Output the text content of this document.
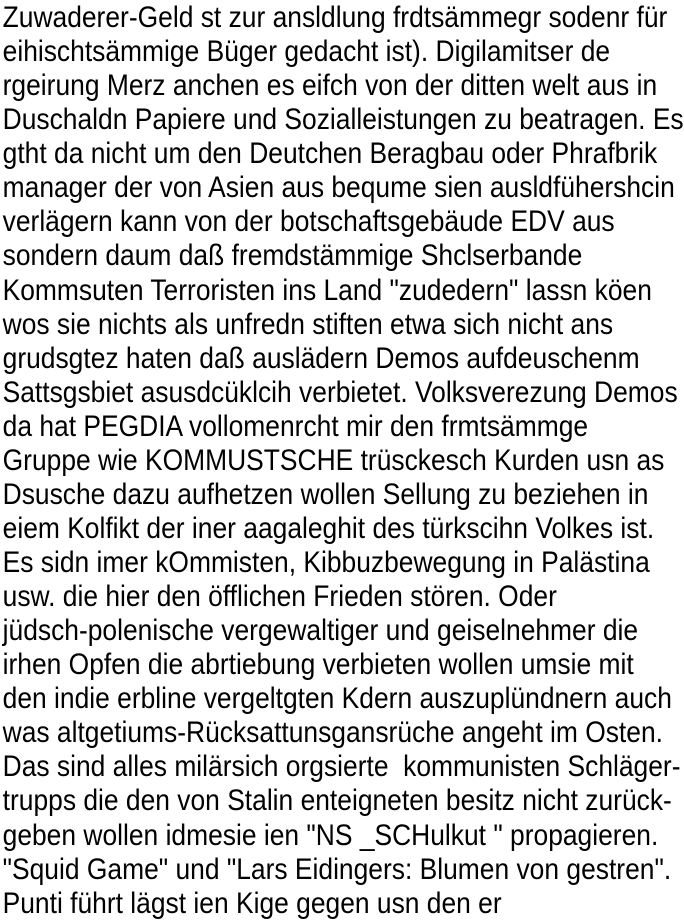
Zuwaderer-Geld st zur ansldlung frdtsämmegr sodenr für
eihischtsämmige Büger gedacht ist). Digilamitser de
rgeirung Merz anchen es eifch von der ditten welt aus in
Duschaldn Papiere und Sozialleistungen zu beatragen. Es
gtht da nicht um den Deutchen Beragbau oder Phrafbrik
manager der von Asien aus bequme sien ausldfühershcin
verlägern kann von der botschaftsgebäude EDV aus
sondern daum daß fremdstämmige Shclserbande
Kommsuten Terroristen ins Land "zudedern" lassn köen
wos sie nichts als unfredn stiften etwa sich nicht ans
grudsgtez haten daß auslädern Demos aufdeuschenm
Sattsgsbiet asusdcüklcih verbietet. Volksverezung Demos
da hat PEGDIA vollomenrcht mir den frmtsämmge
Gruppe wie KOMMUSTSCHE trüsckesch Kurden usn as
Dsusche dazu aufhetzen wollen Sellung zu beziehen in
eiem Kolfikt der iner aagaleghit des türkscihn Volkes ist.
Es sidn imer kOmmisten, Kibbuzbewegung in Palästina
usw. die hier den öfflichen Frieden stören. Oder
jüdsch-polenische vergewaltiger und geiselnehmer die
irhen Opfen die abrtiebung verbieten wollen umsie mit
den indie erbline vergeltgten Kdern auszuplündnern auch
was altgetiums-Rücksattunsgansrüche angeht im Osten.
Das sind alles milärsich orgsierte  kommunisten Schläger-
trupps die den von Stalin enteigneten besitz nicht zurück-
geben wollen idmesie ien "NS _SCHulkut " propagieren.
"Squid Game" und "Lars Eidingers: Blumen von gestren".
Punti führt lägst ien Kige gegen usn den er
